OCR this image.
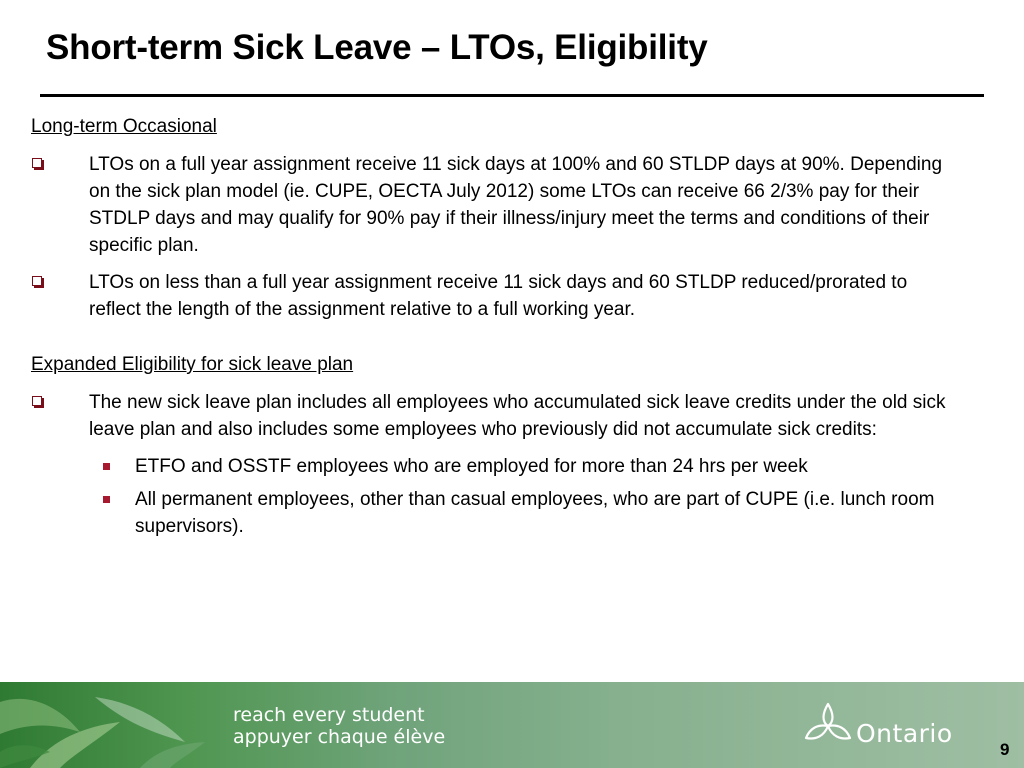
Short-term Sick Leave – LTOs, Eligibility

Long-term Occasional

LTOs on a full year assignment receive 11 sick days at 100% and 60 STLDP days at 90%. Depending on the sick plan model (ie. CUPE, OECTA July 2012) some LTOs can receive 66 2/3% pay for their STDLP days and may qualify for 90% pay if their illness/injury meet the terms and conditions of their specific plan.
LTOs on less than a full year assignment receive 11 sick days and 60 STLDP reduced/prorated to reflect the length of the assignment relative to a full working year.

Expanded Eligibility for sick leave plan

The new sick leave plan includes all employees who accumulated sick leave credits under the old sick leave plan and also includes some employees who previously did not accumulate sick credits:
ETFO and OSSTF employees who are employed for more than 24 hrs per week
All permanent employees, other than casual employees, who are part of CUPE (i.e. lunch room supervisors).
reach every student
appuyer chaque élève	Ontario
9
